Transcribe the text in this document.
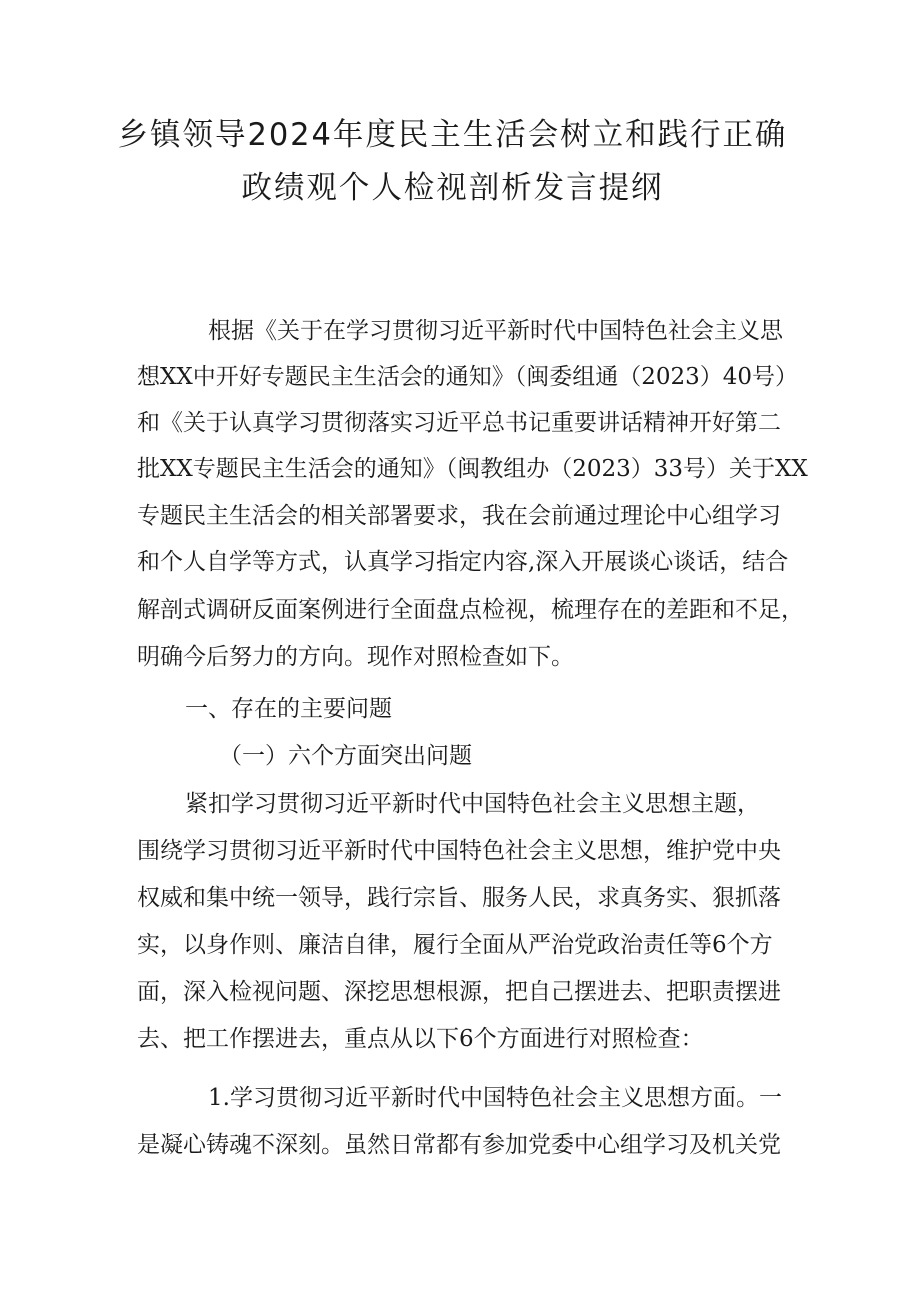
乡镇领导2024年度民主生活会树立和践行正确
政绩观个人检视剖析发言提纲

根据《关于在学习贯彻习近平新时代中国特色社会主义思

想XX中开好专题民主生活会的通知》（闽委组通（2023）40号）

和《关于认真学习贯彻落实习近平总书记重要讲话精神开好第二

批XX专题民主生活会的通知》（闽教组办（2023）33号）关于XX

专题民主生活会的相关部署要求，我在会前通过理论中心组学习

和个人自学等方式，认真学习指定内容,深入开展谈心谈话，结合

解剖式调研反面案例进行全面盘点检视，梳理存在的差距和不足，

明确今后努力的方向。现作对照检查如下。

一、存在的主要问题

（一）六个方面突出问题

紧扣学习贯彻习近平新时代中国特色社会主义思想主题，

围绕学习贯彻习近平新时代中国特色社会主义思想，维护党中央

权威和集中统一领导，践行宗旨、服务人民，求真务实、狠抓落

实，以身作则、廉洁自律，履行全面从严治党政治责任等6个方

面，深入检视问题、深挖思想根源，把自己摆进去、把职责摆进

去、把工作摆进去，重点从以下6个方面进行对照检查：

1.学习贯彻习近平新时代中国特色社会主义思想方面。一

是凝心铸魂不深刻。虽然日常都有参加党委中心组学习及机关党
